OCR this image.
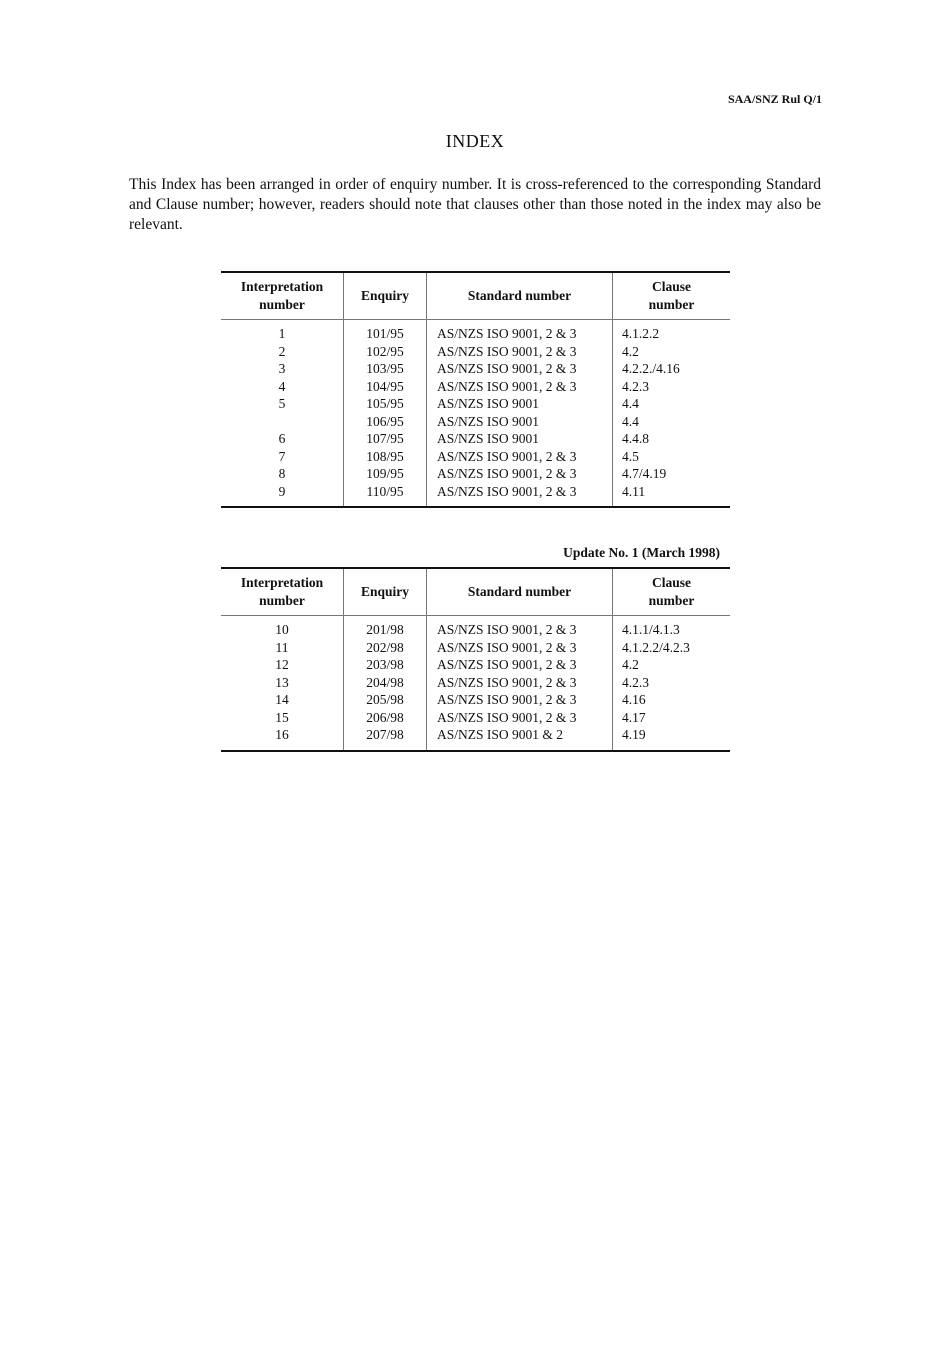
SAA/SNZ Rul Q/1
INDEX
This Index has been arranged in order of enquiry number. It is cross-referenced to the corresponding Standard and Clause number; however, readers should note that clauses other than those noted in the index may also be relevant.
Interpretation
number	Enquiry	Standard number	Clause
number
1	101/95	AS/NZS ISO 9001, 2 & 3	4.1.2.2
2	102/95	AS/NZS ISO 9001, 2 & 3	4.2
3	103/95	AS/NZS ISO 9001, 2 & 3	4.2.2./4.16
4	104/95	AS/NZS ISO 9001, 2 & 3	4.2.3
5	105/95	AS/NZS ISO 9001	4.4
	106/95	AS/NZS ISO 9001	4.4
6	107/95	AS/NZS ISO 9001	4.4.8
7	108/95	AS/NZS ISO 9001, 2 & 3	4.5
8	109/95	AS/NZS ISO 9001, 2 & 3	4.7/4.19
9	110/95	AS/NZS ISO 9001, 2 & 3	4.11
Update No. 1 (March 1998)
Interpretation
number	Enquiry	Standard number	Clause
number
10	201/98	AS/NZS ISO 9001, 2 & 3	4.1.1/4.1.3
11	202/98	AS/NZS ISO 9001, 2 & 3	4.1.2.2/4.2.3
12	203/98	AS/NZS ISO 9001, 2 & 3	4.2
13	204/98	AS/NZS ISO 9001, 2 & 3	4.2.3
14	205/98	AS/NZS ISO 9001, 2 & 3	4.16
15	206/98	AS/NZS ISO 9001, 2 & 3	4.17
16	207/98	AS/NZS ISO 9001 & 2	4.19
